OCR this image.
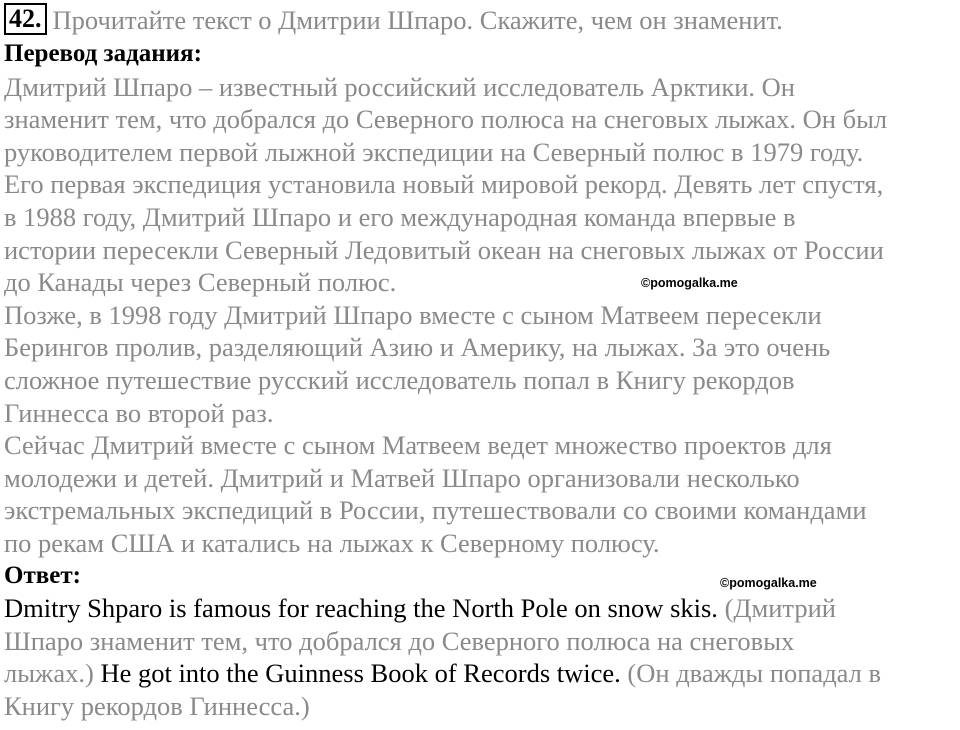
42. Прочитайте текст о Дмитрии Шпаро. Скажите, чем он знаменит.
Перевод задания:
Дмитрий Шпаро – известный российский исследователь Арктики. Он
знаменит тем, что добрался до Северного полюса на снеговых лыжах. Он был
руководителем первой лыжной экспедиции на Северный полюс в 1979 году.
Его первая экспедиция установила новый мировой рекорд. Девять лет спустя,
в 1988 году, Дмитрий Шпаро и его международная команда впервые в
истории пересекли Северный Ледовитый океан на снеговых лыжах от России
до Канады через Северный полюс.
Позже, в 1998 году Дмитрий Шпаро вместе с сыном Матвеем пересекли
Берингов пролив, разделяющий Азию и Америку, на лыжах. За это очень
сложное путешествие русский исследователь попал в Книгу рекордов
Гиннесса во второй раз.
Сейчас Дмитрий вместе с сыном Матвеем ведет множество проектов для
молодежи и детей. Дмитрий и Матвей Шпаро организовали несколько
экстремальных экспедиций в России, путешествовали со своими командами
по рекам США и катались на лыжах к Северному полюсу.
Ответ:
Dmitry Shparo is famous for reaching the North Pole on snow skis. (Дмитрий
Шпаро знаменит тем, что добрался до Северного полюса на снеговых
лыжах.) He got into the Guinness Book of Records twice. (Он дважды попадал в
Книгу рекордов Гиннесса.)
©pomogalka.me
©pomogalka.me
